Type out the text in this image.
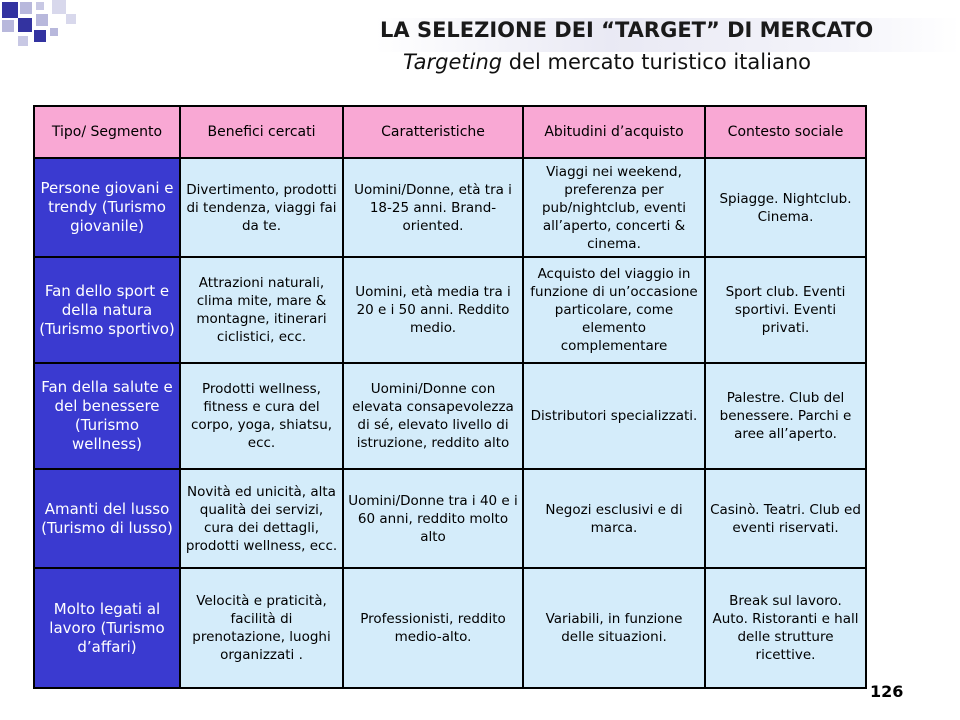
LA SELEZIONE DEI “TARGET” DI MERCATO
Targeting del mercato turistico italiano
Tipo/ Segmento	Benefici cercati	Caratteristiche	Abitudini d’acquisto	Contesto sociale
Persone giovani e trendy (Turismo giovanile)	Divertimento, prodotti di tendenza, viaggi fai da te.	Uomini/Donne, età tra i 18-25 anni. Brand-oriented.	Viaggi nei weekend, preferenza per pub/nightclub, eventi all’aperto, concerti & cinema.	Spiagge. Nightclub. Cinema.
Fan dello sport e della natura (Turismo sportivo)	Attrazioni naturali, clima mite, mare & montagne, itinerari ciclistici, ecc.	Uomini, età media tra i 20 e i 50 anni. Reddito medio.	Acquisto del viaggio in funzione di un’occasione particolare, come elemento complementare	Sport club. Eventi sportivi. Eventi privati.
Fan della salute e del benessere (Turismo wellness)	Prodotti wellness, fitness e cura del corpo, yoga, shiatsu, ecc.	Uomini/Donne con elevata consapevolezza di sé, elevato livello di istruzione, reddito alto	Distributori specializzati.	Palestre. Club del benessere. Parchi e aree all’aperto.
Amanti del lusso (Turismo di lusso)	Novità ed unicità, alta qualità dei servizi, cura dei dettagli, prodotti wellness, ecc.	Uomini/Donne tra i 40 e i 60 anni, reddito molto alto	Negozi esclusivi e di marca.	Casinò. Teatri. Club ed eventi riservati.
Molto legati al lavoro (Turismo d’affari)	Velocità e praticità, facilità di prenotazione, luoghi organizzati .	Professionisti, reddito medio-alto.	Variabili, in funzione delle situazioni.	Break sul lavoro. Auto. Ristoranti e hall delle strutture ricettive.
126
